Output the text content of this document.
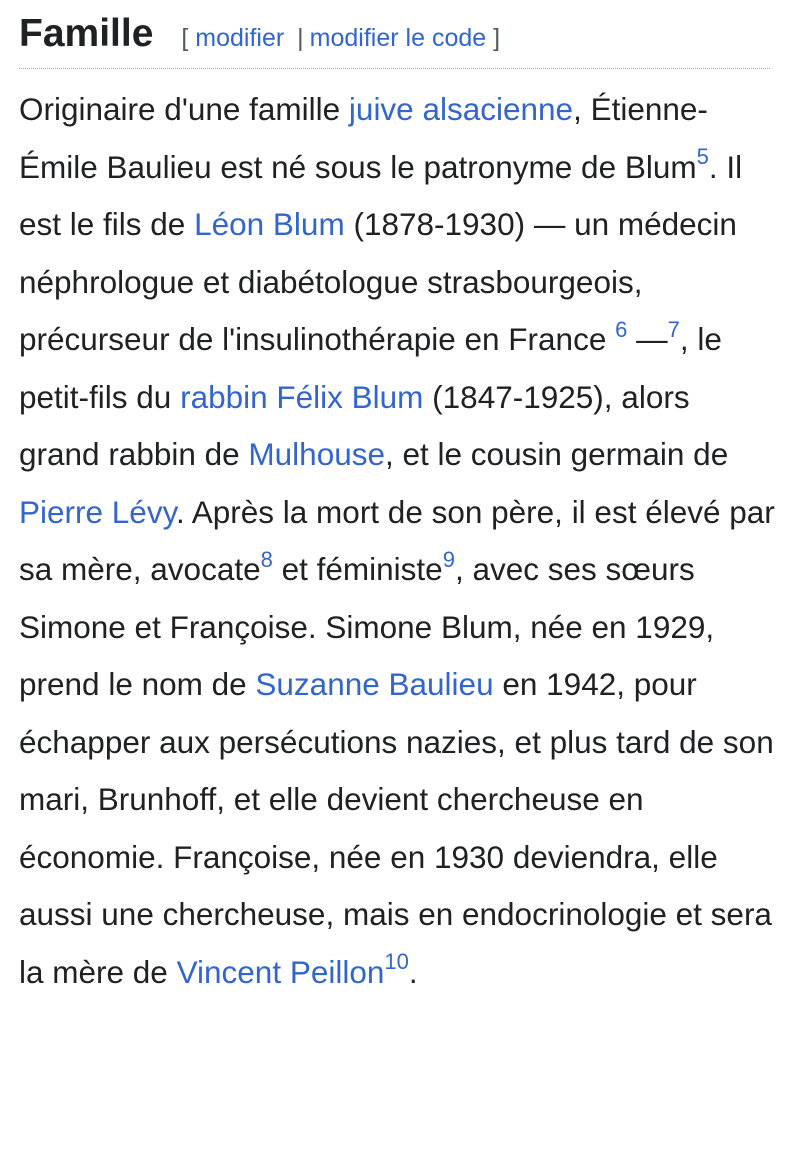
Famille [ modifier | modifier le code ]

Originaire d'une famille juive alsacienne, Étienne-Émile Baulieu est né sous le patronyme de Blum$^5$. Il est le fils de Léon Blum (1878-1930) — un médecin néphrologue et diabétologue strasbourgeois, précurseur de l'insulinothérapie en France $^6$ —$^7$, le petit-fils du rabbin Félix Blum (1847-1925), alors grand rabbin de Mulhouse, et le cousin germain de Pierre Lévy. Après la mort de son père, il est élevé par sa mère, avocate$^8$ et féministe$^9$, avec ses sœurs Simone et Françoise. Simone Blum, née en 1929, prend le nom de Suzanne Baulieu en 1942, pour échapper aux persécutions nazies, et plus tard de son mari, Brunhoff, et elle devient chercheuse en économie. Françoise, née en 1930 deviendra, elle aussi une chercheuse, mais en endocrinologie et sera la mère de Vincent Peillon$^{10}$.
